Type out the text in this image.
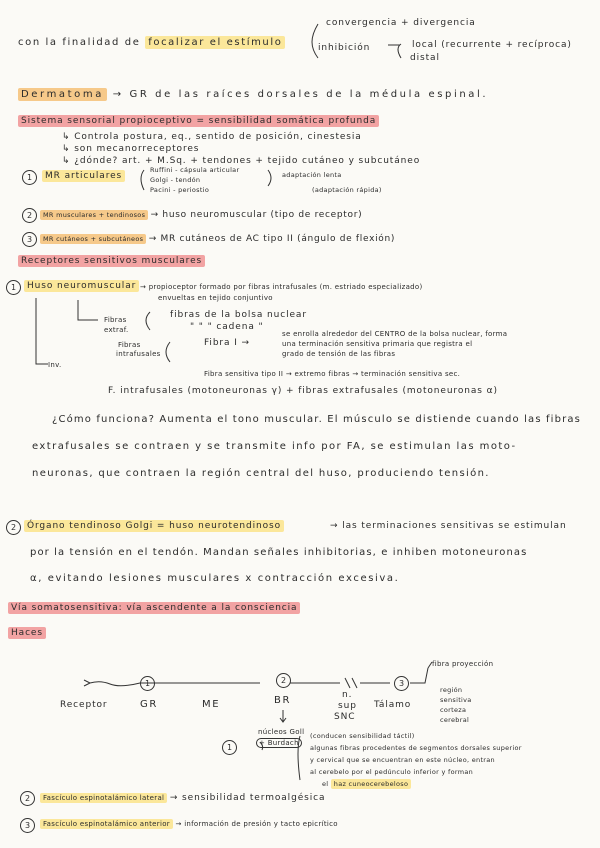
con la finalidad de focalizar el estímulo
convergencia + divergencia
inhibición	local (recurrente + recíproca)
distal
Dermatoma → GR de las raíces dorsales de la médula espinal.
Sistema sensorial propioceptivo = sensibilidad somática profunda
↳ Controla postura, eq., sentido de posición, cinestesia
↳ son mecanorreceptores
↳ ¿dónde? art. + M.Sq. + tendones + tejido cutáneo y subcutáneo
1	MR articulares
Ruffini - cápsula articular
Golgi - tendón
Pacini - periostio
adaptación lenta
(adaptación rápida)
2	MR musculares + tendinosos → huso neuromuscular (tipo de receptor)
3	MR cutáneos + subcutáneos → MR cutáneos de AC tipo II (ángulo de flexión)
Receptores sensitivos musculares
1	Huso neuromuscular → propioceptor formado por fibras intrafusales (m. estriado especializado)
envueltas en tejido conjuntivo
Fibras
extraf.
fibras de la bolsa nuclear
" " " cadena "
Fibras
intrafusales
Inv.
Fibra I →
se enrolla alrededor del CENTRO de la bolsa nuclear, forma
una terminación sensitiva primaria que registra el
grado de tensión de las fibras
Fibra sensitiva tipo II → extremo fibras → terminación sensitiva sec.
F. intrafusales (motoneuronas γ) + fibras extrafusales (motoneuronas α)
¿Cómo funciona? Aumenta el tono muscular. El músculo se distiende cuando las fibras
extrafusales se contraen y se transmite info por FA, se estimulan las moto-
neuronas, que contraen la región central del huso, produciendo tensión.
2	Órgano tendinoso Golgi = huso neurotendinoso	→ las terminaciones sensitivas se estimulan
por la tensión en el tendón. Mandan señales inhibitorias, e inhiben motoneuronas
α, evitando lesiones musculares x contracción excesiva.
Vía somatosensitiva: vía ascendente a la consciencia
Haces
1	2	3
Receptor	GR	ME	BR	n.
sup
SNC
Tálamo
fibra proyección
región
sensitiva
corteza
cerebral
1
núcleos Goll
+ Burdach
(conducen sensibilidad táctil)
algunas fibras procedentes de segmentos dorsales superior
y cervical que se encuentran en este núcleo, entran
al cerebelo por el pedúnculo inferior y forman
el haz cuneocerebeloso
2	Fascículo espinotalámico lateral → sensibilidad termoalgésica
3	Fascículo espinotalámico anterior → información de presión y tacto epicrítico
